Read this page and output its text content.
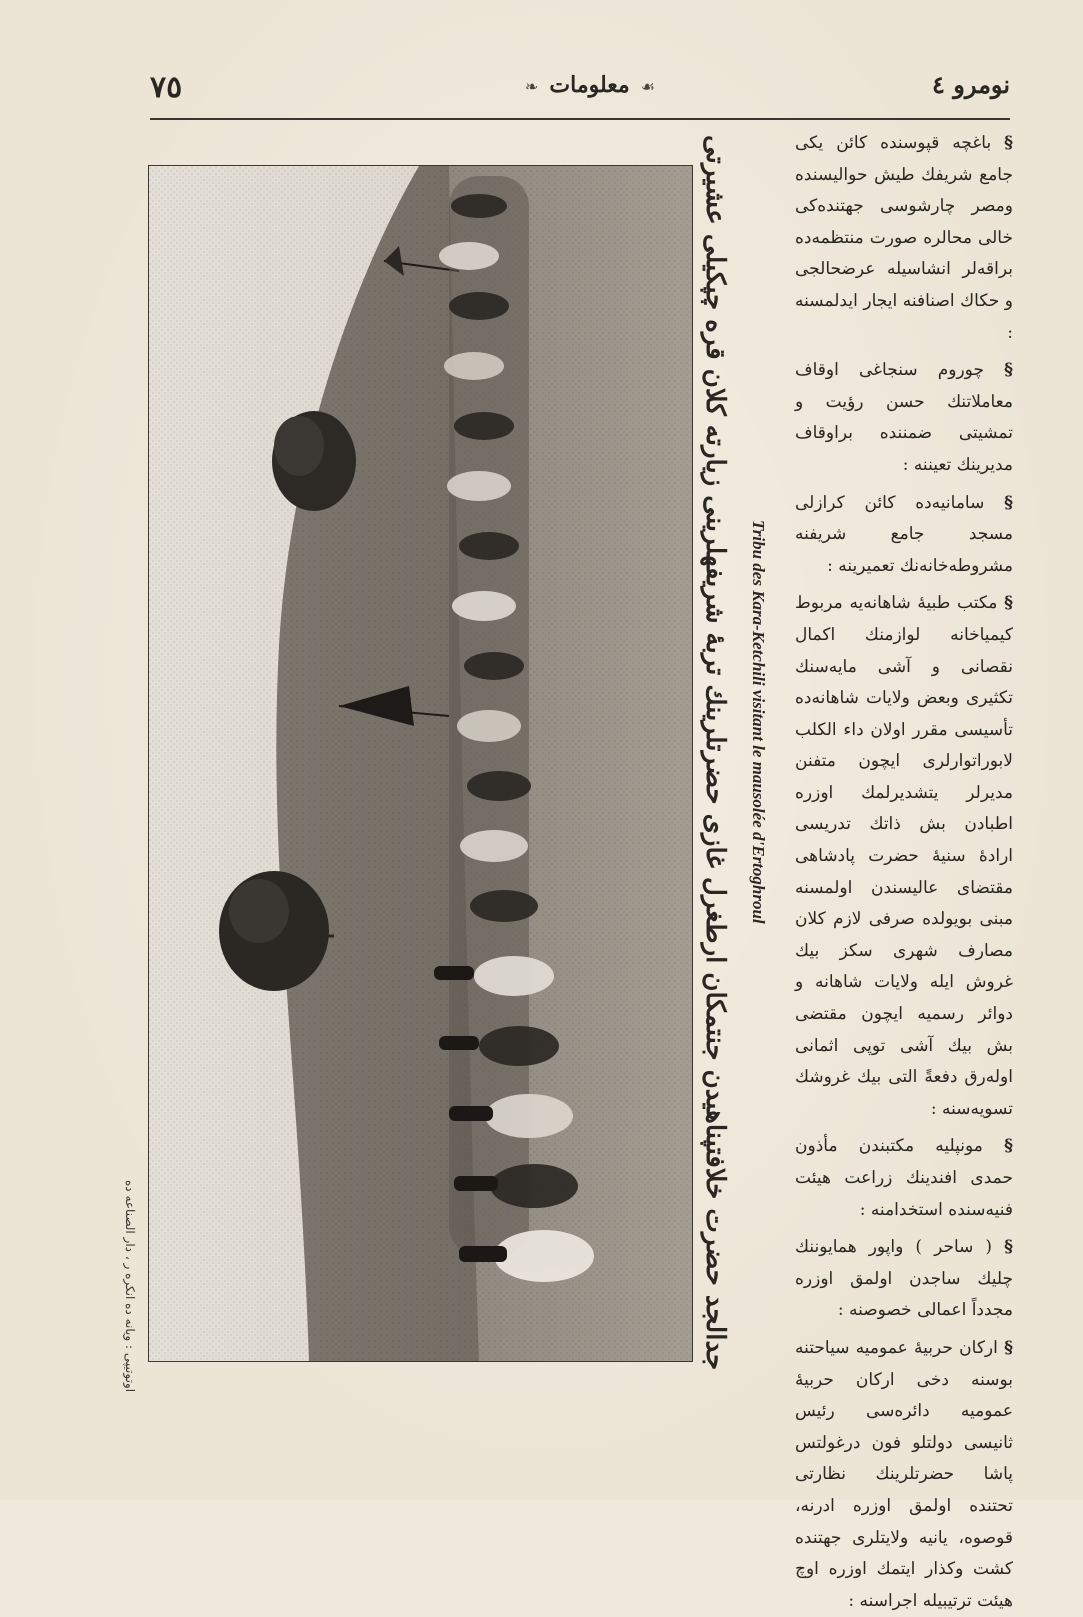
٧٥	❧ معلومات ☙	نومرو ٤
جدالجد حضرت خلافتپناهیدن جنتمكان ارطغرل غازی حضرتلرینك تربهٔ شریفهلرینی زیارته كلان قره چپكیلی عشیرتی Tribu des Kara-Ketchili visitant le mausolée d'Ertoghroul
اوتوتیپی : ویانه ده انكره ر ، دار الصناعه ده

§ باغچه قپوسنده كائن یكی جامع شریفك طیش حوالیسنده ومصر چارشوسی جهتنده‌كی خالی محالره صورت منتظمه‌ده براقه‌لر انشاسیله عرضحالجی و حكاك اصنافنه ایجار ایدلمسنه :

§ چوروم سنجاغی اوقاف معاملاتنك حسن رؤیت و تمشیتی ضمننده براوقاف مدیرینك تعیننه :

§ سامانیه‌ده كائن كرازلی مسجد جامع شریفنه مشروطه‌خانه‌نك تعمیرینه :

§ مكتب طبیهٔ شاهانه‌یه مربوط كیمیاخانه لوازمنك اكمال نقصانی و آشی مایه‌سنك تكثیری وبعض ولایات شاهانه‌ده تأسیسی مقرر اولان داء الكلب لابوراتوارلری ایچون متفنن مدیرلر یتشدیرلمك اوزره اطبادن بش ذاتك تدریسی ارادهٔ سنیهٔ حضرت پادشاهی مقتضای عالیسندن اولمسنه مبنی بویولده صرفی لازم كلان مصارف شهری سكز بیك غروش ایله ولایات شاهانه و دوائر رسمیه ایچون مقتضی بش بیك آشی توپی اثمانی اوله‌رق دفعةً التی بیك غروشك تسویه‌سنه :

§ مونپلیه مكتبندن مأذون حمدی افندینك زراعت هیئت فنیه‌سنده استخدامنه :

§ ( ساحر ) واپور همایوننك چلیك ساجدن اولمق اوزره مجدداً اعمالی خصوصنه :

§ اركان حربیهٔ عمومیه سیاحتنه بوسنه دخی اركان حربیهٔ عمومیه دائره‌سی رئیس ثانیسی دولتلو فون درغولتس پاشا حضرتلرینك نظارتی تحتنده اولمق اوزره ادرنه، قوصوه، یانیه ولایتلری جهتنده كشت وكذار ایتمك اوزره اوچ هیئت ترتیبیله اجراسنه :
